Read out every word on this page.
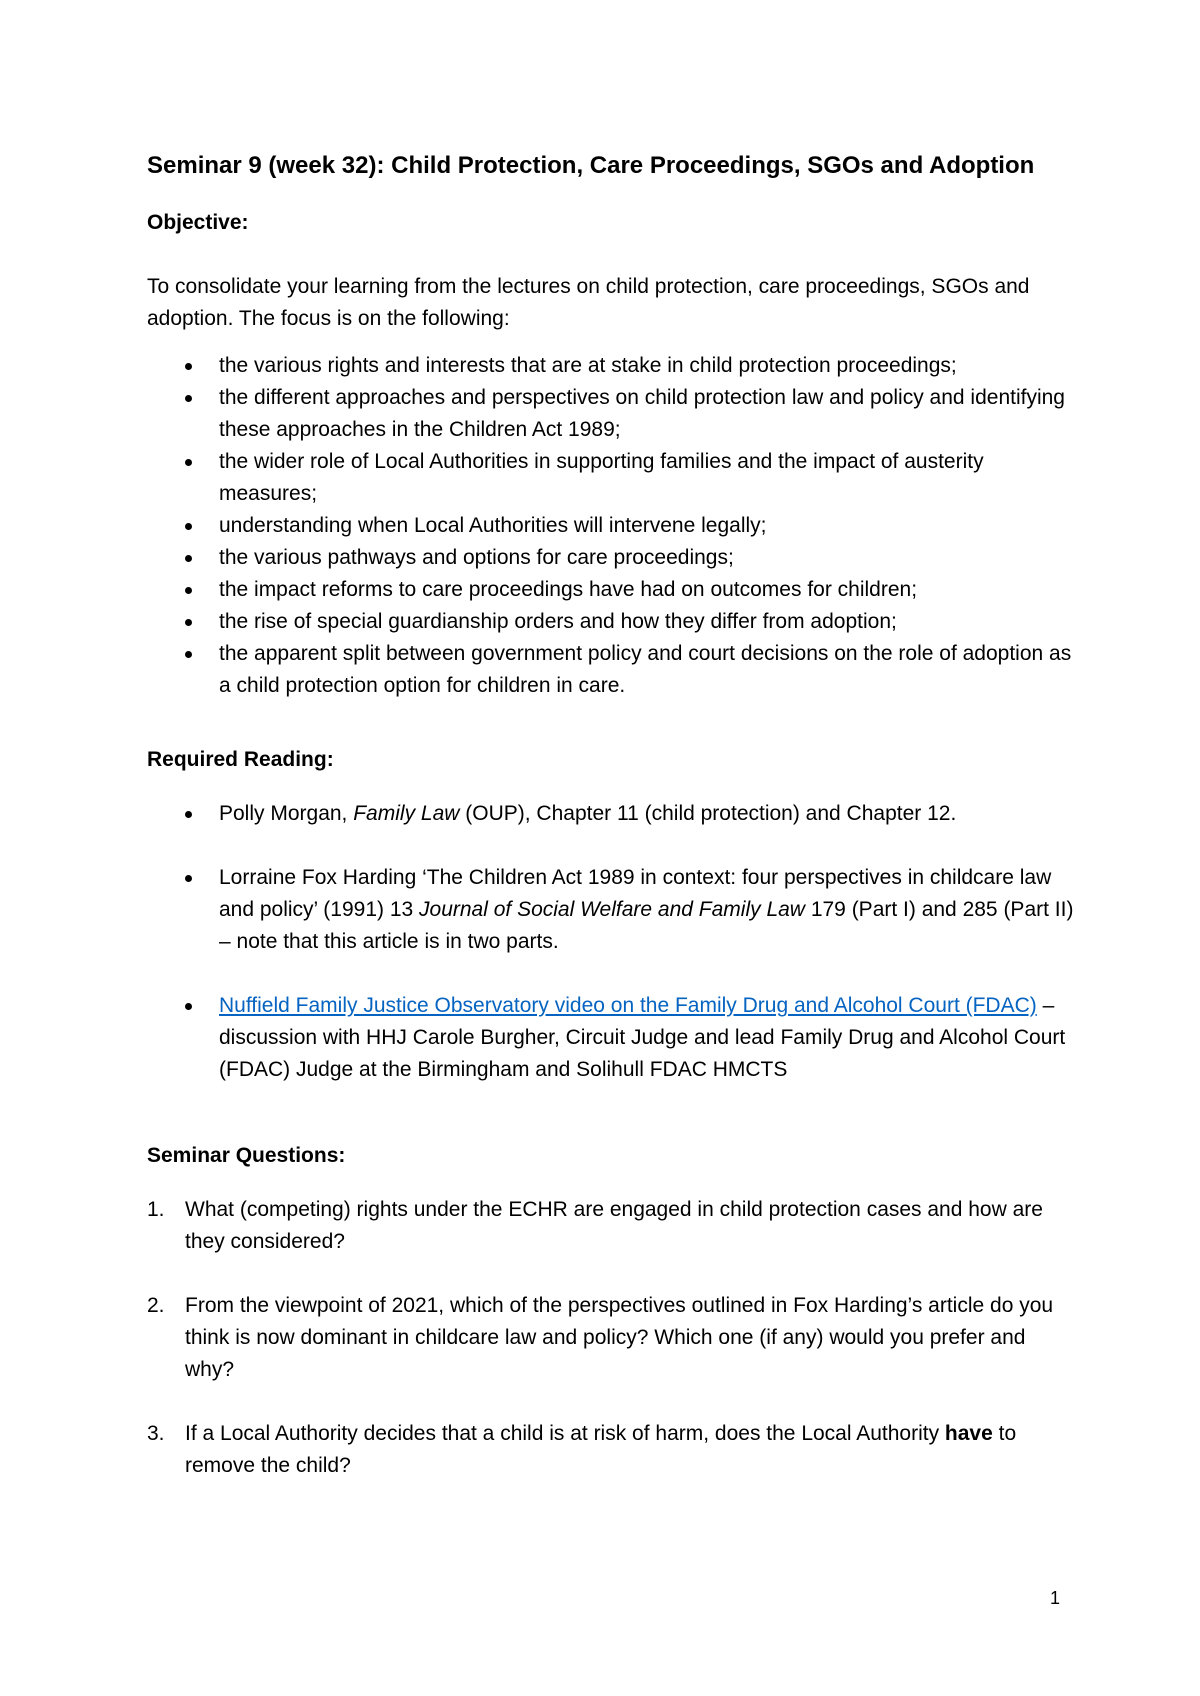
Seminar 9 (week 32): Child Protection, Care Proceedings, SGOs and Adoption
Objective:

To consolidate your learning from the lectures on child protection, care proceedings, SGOs and adoption. The focus is on the following:

the various rights and interests that are at stake in child protection proceedings;
the different approaches and perspectives on child protection law and policy and identifying these approaches in the Children Act 1989;
the wider role of Local Authorities in supporting families and the impact of austerity measures;
understanding when Local Authorities will intervene legally;
the various pathways and options for care proceedings;
the impact reforms to care proceedings have had on outcomes for children;
the rise of special guardianship orders and how they differ from adoption;
the apparent split between government policy and court decisions on the role of adoption as a child protection option for children in care.
Required Reading:
Polly Morgan, Family Law (OUP), Chapter 11 (child protection) and Chapter 12.
Lorraine Fox Harding ‘The Children Act 1989 in context: four perspectives in childcare law and policy’ (1991) 13 Journal of Social Welfare and Family Law 179 (Part I) and 285 (Part II) – note that this article is in two parts.
Nuffield Family Justice Observatory video on the Family Drug and Alcohol Court (FDAC) – discussion with HHJ Carole Burgher, Circuit Judge and lead Family Drug and Alcohol Court (FDAC) Judge at the Birmingham and Solihull FDAC HMCTS
Seminar Questions:
1. What (competing) rights under the ECHR are engaged in child protection cases and how are they considered?
2. From the viewpoint of 2021, which of the perspectives outlined in Fox Harding’s article do you think is now dominant in childcare law and policy? Which one (if any) would you prefer and why?
3. If a Local Authority decides that a child is at risk of harm, does the Local Authority have to remove the child?
1
